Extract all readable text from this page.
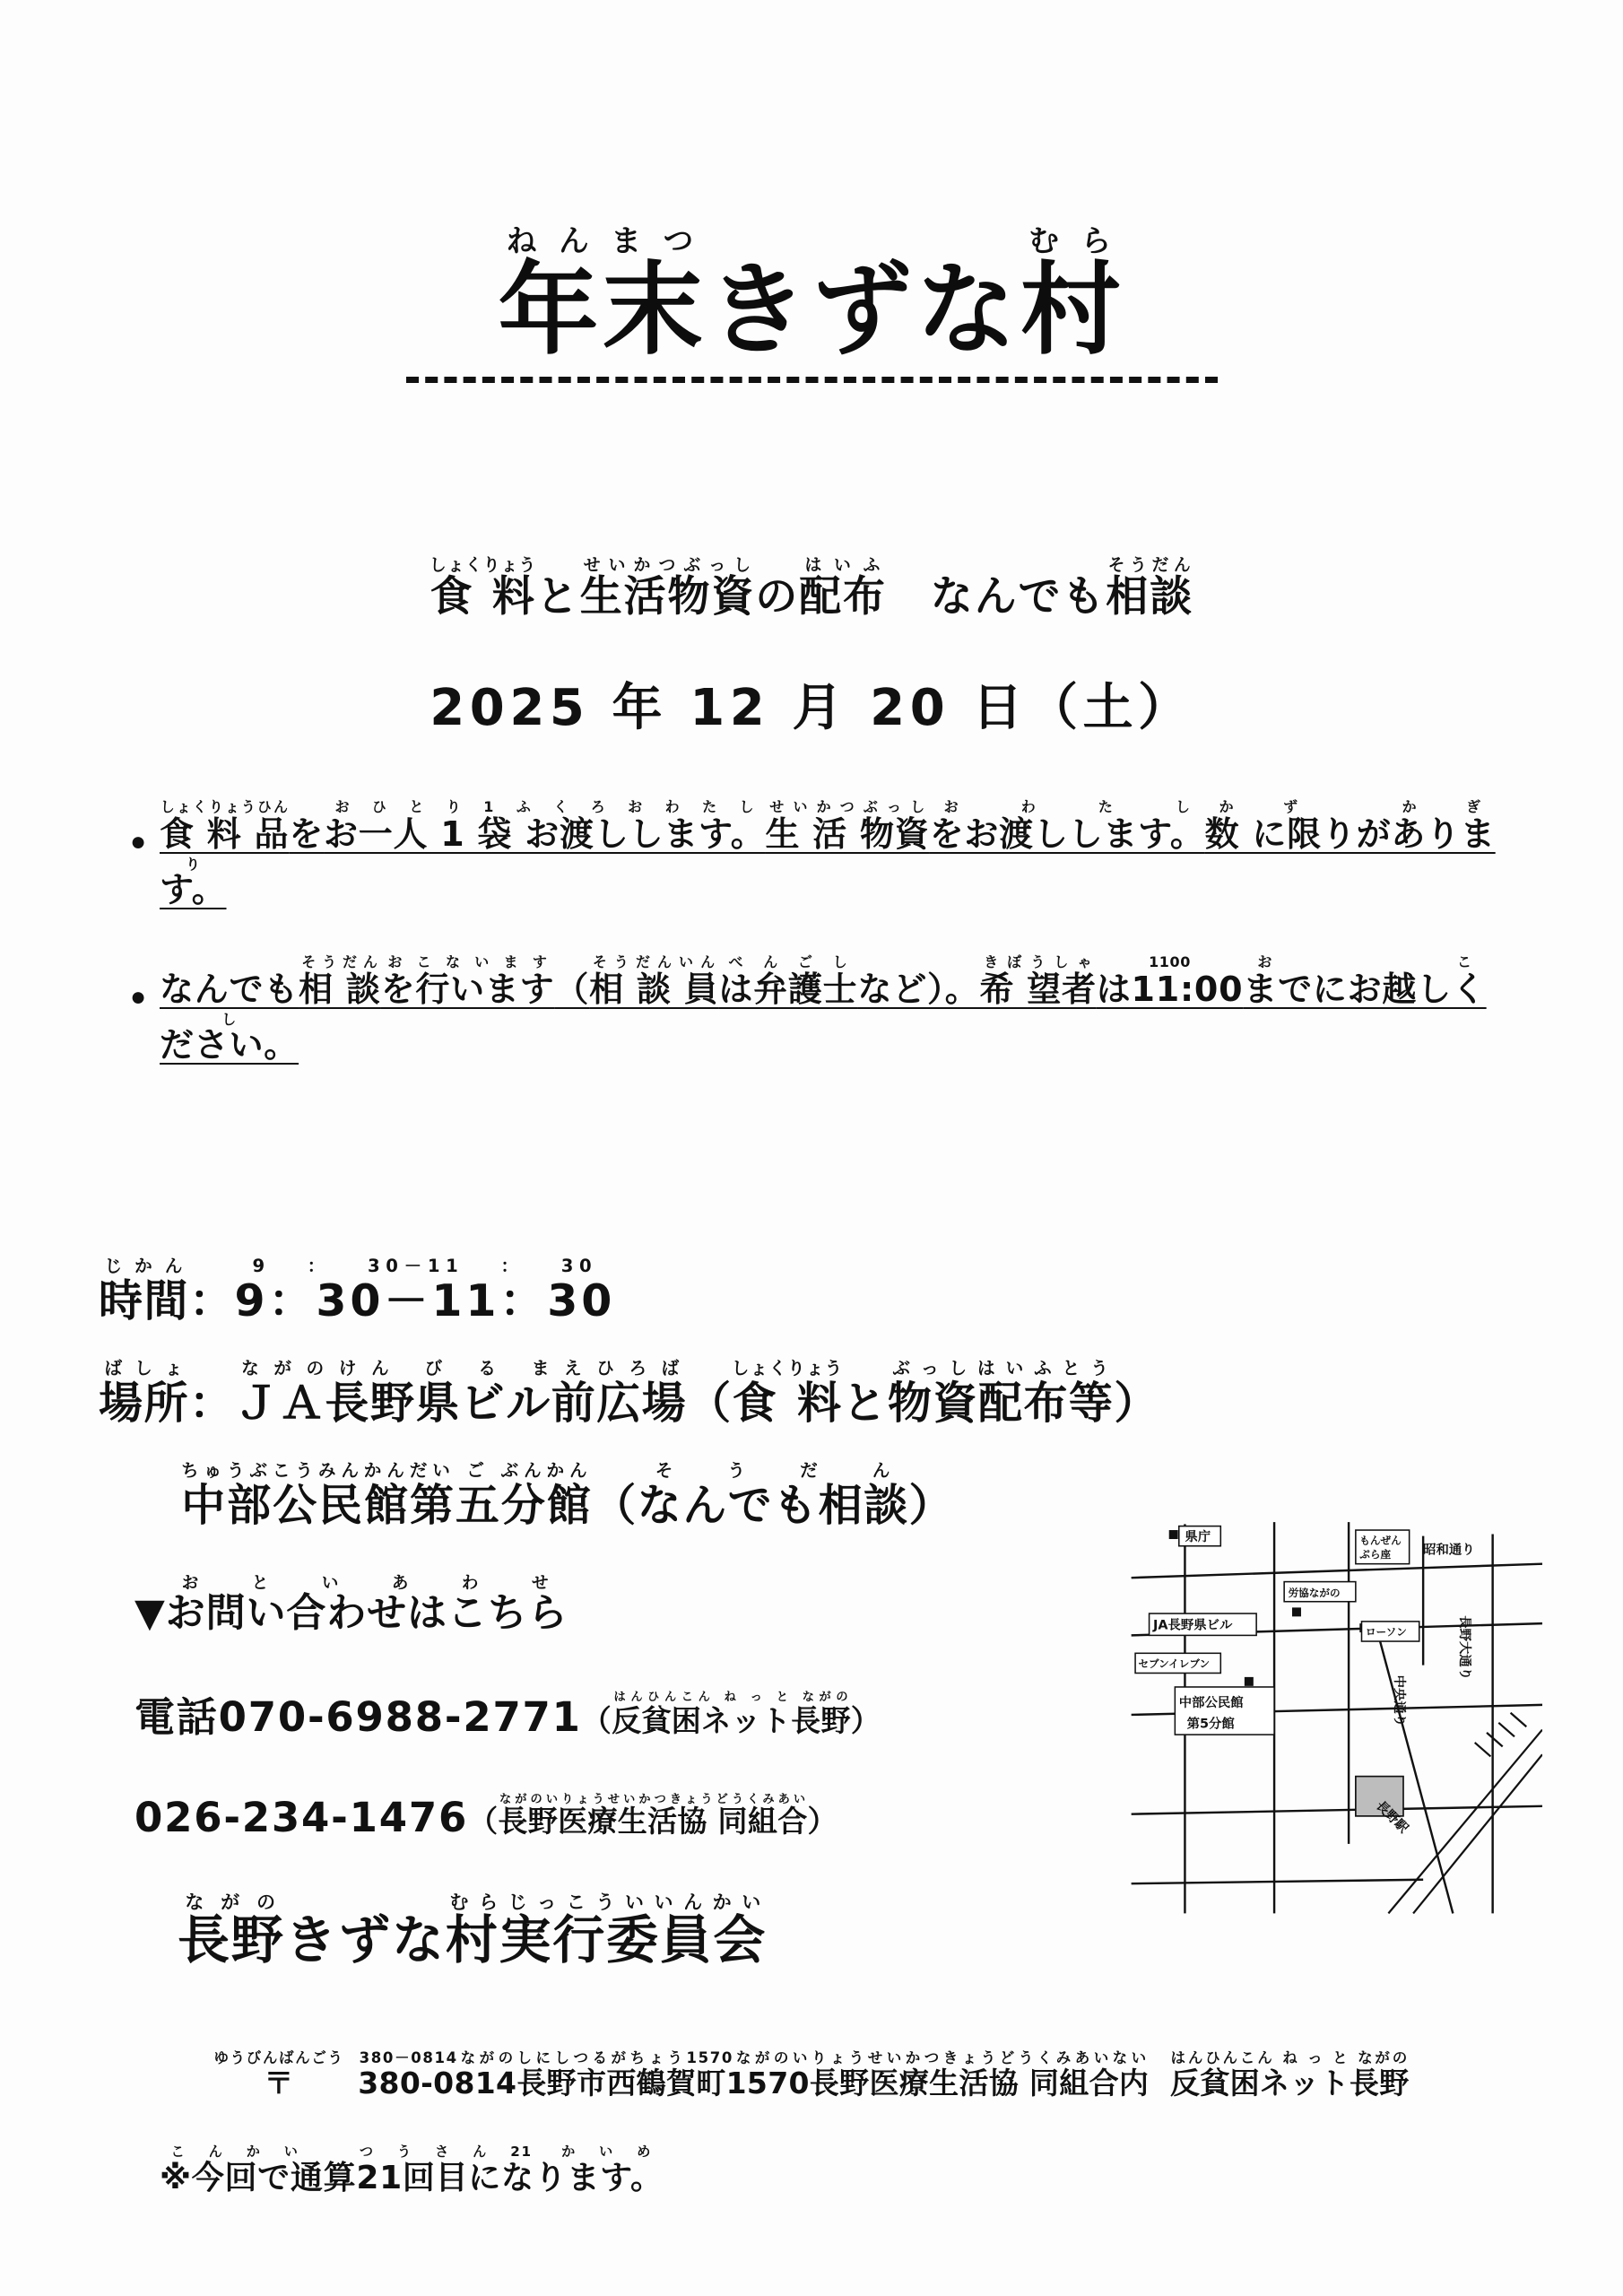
年末ねんまつきずな村むら
食 料しょくりょうと生活物資せいかつぶっしの配布はいふ　なんでも相談そうだん
2025 年 12 月 20 日（土）
● 食 料 品しょくりょうひんをお一人 1 袋 お渡しします。おひとり1ふくろおわたし生 活 物資せいかつぶっしをお渡しします。おわたし数 に限りがあります。かず かぎり
● なんでも相 談そうだんを行いますおこないます（相 談 員そうだんいんは弁護士べんごしなど）。希 望者きぼうしゃは11:001100までにお越しください。おこし
時間じかん：9：30－11：309：30－11：30
場所ばしょ：ＪＡ長野県ビル前広場ながのけん び る まえひろば（食 料しょくりょうと物資配布等ぶっしはいふとう）
中部公民館第五分館ちゅうぶこうみんかんだい ご ぶんかん（なんでも相談そうだん）
▼お問い合わせはこちらおといあわせ
電話070-6988-2771（反貧困ネット長野はんひんこん ね っ と ながの）
026-234-1476（長野医療生活協 同組合ながのいりょうせいかつきょうどうくみあい）
長野ながのきずな村実行委員会むらじっこういいんかい
〒ゆうびんばんごう  380-0814長野市西鶴賀町1570長野医療生活協 同組合内380－0814ながのしにしつるがちょう1570ながのいりょうせいかつきょうどうくみあいない  反貧困ネット長野はんひんこん ね っ と ながの
※今回で通算21回目になります。こんかい　つうさん21 かいめ
県庁	もんぜん
ぷら座	昭和通り
労協ながの
JA長野県ビル	ローソン
セブンイレブン
中部公民館
第5分館
長野大通り
中央通り
長野駅
